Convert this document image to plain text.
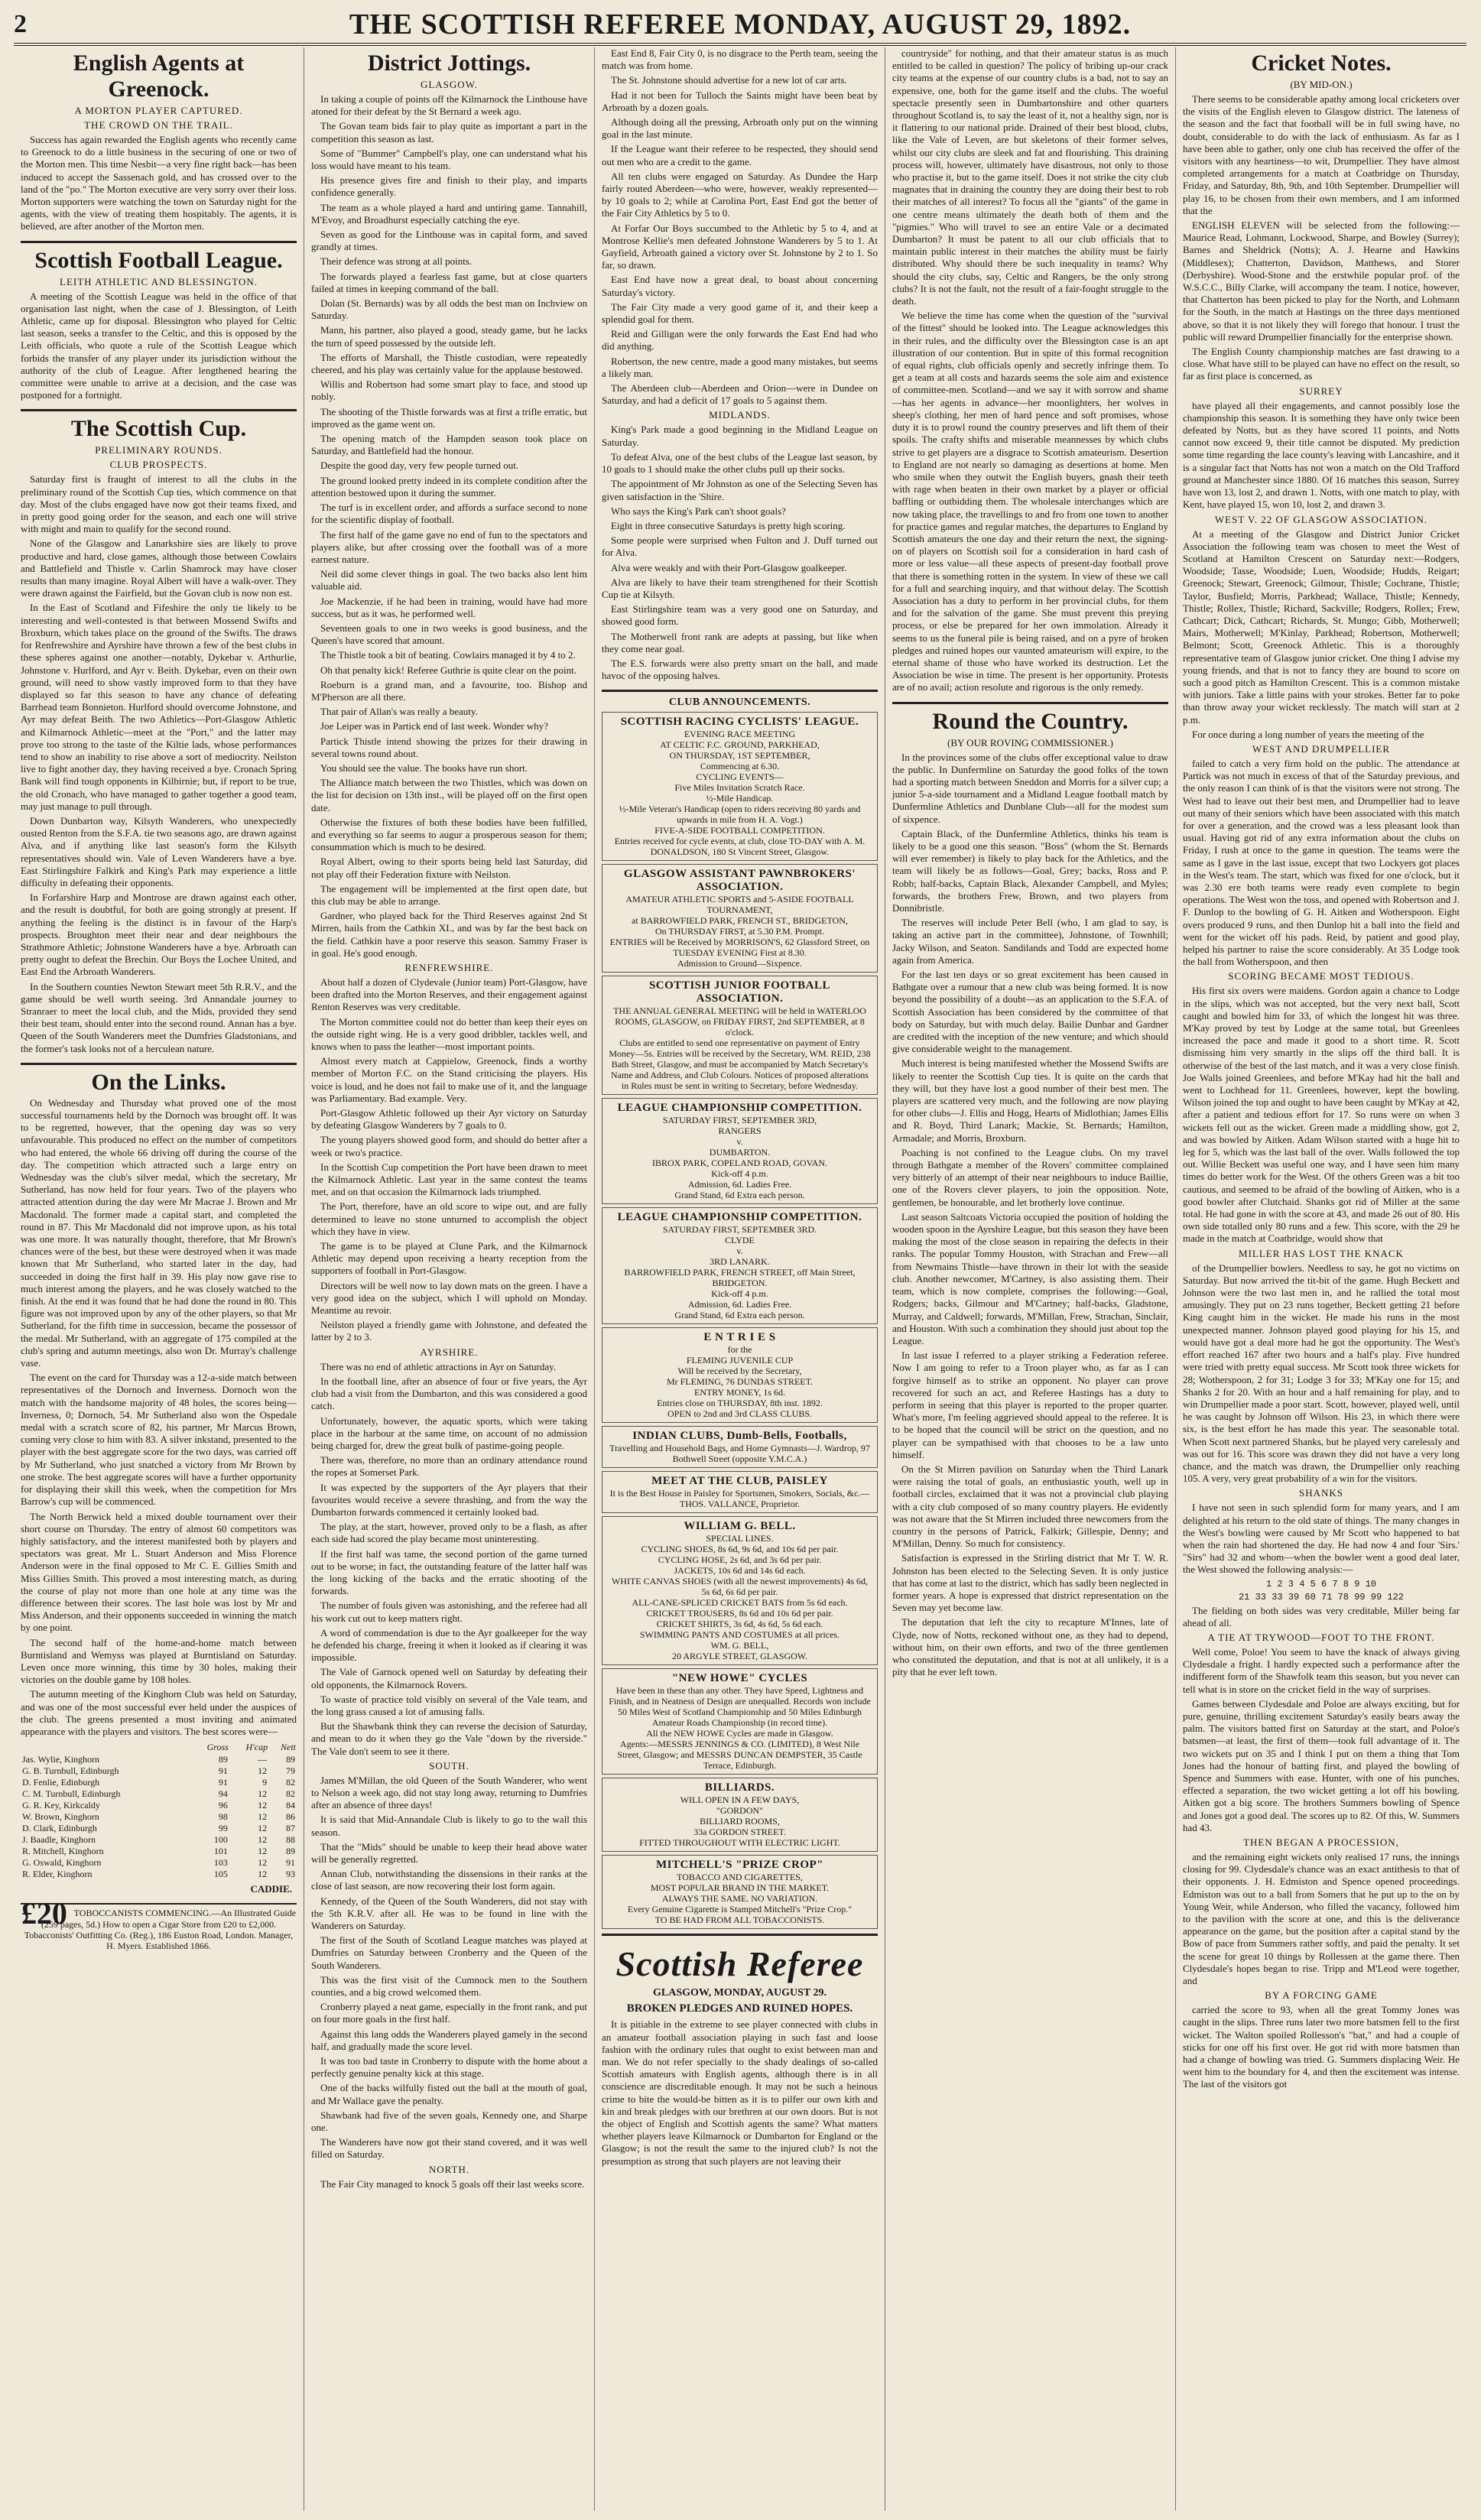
2	THE SCOTTISH REFEREE MONDAY, AUGUST 29, 1892.
English Agents at Greenock.
A MORTON PLAYER CAPTURED.
THE CROWD ON THE TRAIL.

Success has again rewarded the English agents who recently came to Greenock to do a little business in the securing of one or two of the Morton men. This time Nesbit—a very fine right back—has been induced to accept the Sassenach gold, and has crossed over to the land of the "po." The Morton executive are very sorry over their loss. Morton supporters were watching the town on Saturday night for the agents, with the view of treating them hospitably. The agents, it is believed, are after another of the Morton men.

Scottish Football League.
LEITH ATHLETIC AND BLESSINGTON.

A meeting of the Scottish League was held in the office of that organisation last night, when the case of J. Blessington, of Leith Athletic, came up for disposal. Blessington who played for Celtic last season, seeks a transfer to the Celtic, and this is opposed by the Leith officials, who quote a rule of the Scottish League which forbids the transfer of any player under its jurisdiction without the authority of the club of League. After lengthened hearing the committee were unable to arrive at a decision, and the case was postponed for a fortnight.

The Scottish Cup.
PRELIMINARY ROUNDS.
CLUB PROSPECTS.

Saturday first is fraught of interest to all the clubs in the preliminary round of the Scottish Cup ties, which commence on that day. Most of the clubs engaged have now got their teams fixed, and in pretty good going order for the season, and each one will strive with might and main to qualify for the second round.

None of the Glasgow and Lanarkshire sies are likely to prove productive and hard, close games, although those between Cowlairs and Battlefield and Thistle v. Carlin Shamrock may have closer results than many imagine. Royal Albert will have a walk-over. They were drawn against the Fairfield, but the Govan club is now non est.

In the East of Scotland and Fifeshire the only tie likely to be interesting and well-contested is that between Mossend Swifts and Broxburn, which takes place on the ground of the Swifts. The draws for Renfrewshire and Ayrshire have thrown a few of the best clubs in these spheres against one another—notably, Dykebar v. Arthurlie, Johnstone v. Hurlford, and Ayr v. Beith. Dykebar, even on their own ground, will need to show vastly improved form to that they have displayed so far this season to have any chance of defeating Barrhead team Bonnieton. Hurlford should overcome Johnstone, and Ayr may defeat Beith. The two Athletics—Port-Glasgow Athletic and Kilmarnock Athletic—meet at the "Port," and the latter may prove too strong to the taste of the Kiltie lads, whose performances tend to show an inability to rise above a sort of mediocrity. Neilston live to fight another day, they having received a bye. Cronach Spring Bank will find tough opponents in Kilbirnie; but, if report to be true, the old Cronach, who have managed to gather together a good team, may just manage to pull through.

Down Dunbarton way, Kilsyth Wanderers, who unexpectedly ousted Renton from the S.F.A. tie two seasons ago, are drawn against Alva, and if anything like last season's form the Kilsyth representatives should win. Vale of Leven Wanderers have a bye. East Stirlingshire Falkirk and King's Park may experience a little difficulty in defeating their opponents.

In Forfarshire Harp and Montrose are drawn against each other, and the result is doubtful, for both are going strongly at present. If anything the feeling is the distinct is in favour of the Harp's prospects. Broughton meet their near and dear neighbours the Strathmore Athletic; Johnstone Wanderers have a bye. Arbroath can pretty ought to defeat the Brechin. Our Boys the Lochee United, and East End the Arbroath Wanderers.

In the Southern counties Newton Stewart meet 5th R.R.V., and the game should be well worth seeing. 3rd Annandale journey to Stranraer to meet the local club, and the Mids, provided they send their best team, should enter into the second round. Annan has a bye. Queen of the South Wanderers meet the Dumfries Gladstonians, and the former's task looks not of a herculean nature.

On the Links.

On Wednesday and Thursday what proved one of the most successful tournaments held by the Dornoch was brought off. It was to be regretted, however, that the opening day was so very unfavourable. This produced no effect on the number of competitors who had entered, the whole 66 driving off during the course of the day. The competition which attracted such a large entry on Wednesday was the club's silver medal, which the secretary, Mr Sutherland, has now held for four years. Two of the players who attracted attention during the day were Mr Macrae J. Brown and Mr Macdonald. The former made a capital start, and completed the round in 87. This Mr Macdonald did not improve upon, as his total was one more. It was naturally thought, therefore, that Mr Brown's chances were of the best, but these were destroyed when it was made known that Mr Sutherland, who started later in the day, had succeeded in doing the first half in 39. His play now gave rise to much interest among the players, and he was closely watched to the finish. At the end it was found that he had done the round in 80. This figure was not improved upon by any of the other players, so that Mr Sutherland, for the fifth time in succession, became the possessor of the medal. Mr Sutherland, with an aggregate of 175 compiled at the club's spring and autumn meetings, also won Dr. Murray's challenge vase.

The event on the card for Thursday was a 12-a-side match between representatives of the Dornoch and Inverness. Dornoch won the match with the handsome majority of 48 holes, the scores being—Inverness, 0; Dornoch, 54. Mr Sutherland also won the Ospedale medal with a scratch score of 82, his partner, Mr Marcus Brown, coming very close to him with 83. A silver inkstand, presented to the player with the best aggregate score for the two days, was carried off by Mr Sutherland, who just snatched a victory from Mr Brown by one stroke. The best aggregate scores will have a further opportunity for displaying their skill this week, when the competition for Mrs Barrow's cup will be commenced.

The North Berwick held a mixed double tournament over their short course on Thursday. The entry of almost 60 competitors was highly satisfactory, and the interest manifested both by players and spectators was great. Mr L. Stuart Anderson and Miss Florence Anderson were in the final opposed to Mr C. E. Gillies Smith and Miss Gillies Smith. This proved a most interesting match, as during the course of play not more than one hole at any time was the difference between their scores. The last hole was lost by Mr and Miss Anderson, and their opponents succeeded in winning the match by one point.

The second half of the home-and-home match between Burntisland and Wemyss was played at Burntisland on Saturday. Leven once more winning, this time by 30 holes, making their victories on the double game by 108 holes.

The autumn meeting of the Kinghorn Club was held on Saturday, and was one of the most successful ever held under the auspices of the club. The greens presented a most inviting and animated appearance with the players and visitors. The best scores were—

	Gross	H'cap	Nett
Jas. Wylie, Kinghorn	89	—	89
G. B. Turnbull, Edinburgh	91	12	79
D. Fenlie, Edinburgh	91	9	82
C. M. Turnbull, Edinburgh	94	12	82
G. R. Key, Kirkcaldy	96	12	84
W. Brown, Kinghorn	98	12	86
D. Clark, Edinburgh	99	12	87
J. Baadle, Kinghorn	100	12	88
R. Mitchell, Kinghorn	101	12	89
G. Oswald, Kinghorn	103	12	91
R. Elder, Kinghorn	105	12	93
CADDIE.
£20 TOBOCCANISTS COMMENCING.—An Illustrated Guide (259 pages, 5d.) How to open a Cigar Store from £20 to £2,000. Tobacconists' Outfitting Co. (Reg.), 186 Euston Road, London. Manager, H. Myers. Established 1866.
District Jottings.
GLASGOW.

In taking a couple of points off the Kilmarnock the Linthouse have atoned for their defeat by the St Bernard a week ago.

The Govan team bids fair to play quite as important a part in the competition this season as last.

Some of "Bummer" Campbell's play, one can understand what his loss would have meant to his team.

His presence gives fire and finish to their play, and imparts confidence generally.

The team as a whole played a hard and untiring game. Tannahill, M'Evoy, and Broadhurst especially catching the eye.

Seven as good for the Linthouse was in capital form, and saved grandly at times.

Their defence was strong at all points.

The forwards played a fearless fast game, but at close quarters failed at times in keeping command of the ball.

Dolan (St. Bernards) was by all odds the best man on Inchview on Saturday.

Mann, his partner, also played a good, steady game, but he lacks the turn of speed possessed by the outside left.

The efforts of Marshall, the Thistle custodian, were repeatedly cheered, and his play was certainly value for the applause bestowed.

Willis and Robertson had some smart play to face, and stood up nobly.

The shooting of the Thistle forwards was at first a trifle erratic, but improved as the game went on.

The opening match of the Hampden season took place on Saturday, and Battlefield had the honour.

Despite the good day, very few people turned out.

The ground looked pretty indeed in its complete condition after the attention bestowed upon it during the summer.

The turf is in excellent order, and affords a surface second to none for the scientific display of football.

The first half of the game gave no end of fun to the spectators and players alike, but after crossing over the football was of a more earnest nature.

Neil did some clever things in goal. The two backs also lent him valuable aid.

Joe Mackenzie, if he had been in training, would have had more success, but as it was, he performed well.

Seventeen goals to one in two weeks is good business, and the Queen's have scored that amount.

The Thistle took a bit of beating. Cowlairs managed it by 4 to 2.

Oh that penalty kick! Referee Guthrie is quite clear on the point.

Roeburn is a grand man, and a favourite, too. Bishop and M'Pherson are all there.

That pair of Allan's was really a beauty.

Joe Leiper was in Partick end of last week. Wonder why?

Partick Thistle intend showing the prizes for their drawing in several towns round about.

You should see the value. The books have run short.

The Alliance match between the two Thistles, which was down on the list for decision on 13th inst., will be played off on the first open date.

Otherwise the fixtures of both these bodies have been fulfilled, and everything so far seems to augur a prosperous season for them; consummation which is much to be desired.

Royal Albert, owing to their sports being held last Saturday, did not play off their Federation fixture with Neilston.

The engagement will be implemented at the first open date, but this club may be able to arrange.

Gardner, who played back for the Third Reserves against 2nd St Mirren, hails from the Cathkin XI., and was by far the best back on the field. Cathkin have a poor reserve this season. Sammy Fraser is in goal. He's good enough.

RENFREWSHIRE.

About half a dozen of Clydevale (Junior team) Port-Glasgow, have been drafted into the Morton Reserves, and their engagement against Renton Reserves was very creditable.

The Morton committee could not do better than keep their eyes on the outside right wing. He is a very good dribbler, tackles well, and knows when to pass the leather—most important points.

Almost every match at Cappielow, Greenock, finds a worthy member of Morton F.C. on the Stand criticising the players. His voice is loud, and he does not fail to make use of it, and the language was Parliamentary. Bad example. Very.

Port-Glasgow Athletic followed up their Ayr victory on Saturday by defeating Glasgow Wanderers by 7 goals to 0.

The young players showed good form, and should do better after a week or two's practice.

In the Scottish Cup competition the Port have been drawn to meet the Kilmarnock Athletic. Last year in the same contest the teams met, and on that occasion the Kilmarnock lads triumphed.

The Port, therefore, have an old score to wipe out, and are fully determined to leave no stone unturned to accomplish the object which they have in view.

The game is to be played at Clune Park, and the Kilmarnock Athletic may depend upon receiving a hearty reception from the supporters of football in Port-Glasgow.

Directors will be well now to lay down mats on the green. I have a very good idea on the subject, which I will uphold on Monday. Meantime au revoir.

Neilston played a friendly game with Johnstone, and defeated the latter by 2 to 3.

AYRSHIRE.

There was no end of athletic attractions in Ayr on Saturday.

In the football line, after an absence of four or five years, the Ayr club had a visit from the Dumbarton, and this was considered a good catch.

Unfortunately, however, the aquatic sports, which were taking place in the harbour at the same time, on account of no admission being charged for, drew the great bulk of pastime-going people.

There was, therefore, no more than an ordinary attendance round the ropes at Somerset Park.

It was expected by the supporters of the Ayr players that their favourites would receive a severe thrashing, and from the way the Dumbarton forwards commenced it certainly looked bad.

The play, at the start, however, proved only to be a flash, as after each side had scored the play became most uninteresting.

If the first half was tame, the second portion of the game turned out to be worse; in fact, the outstanding feature of the latter half was the long kicking of the backs and the erratic shooting of the forwards.

The number of fouls given was astonishing, and the referee had all his work cut out to keep matters right.

A word of commendation is due to the Ayr goalkeeper for the way he defended his charge, freeing it when it looked as if clearing it was impossible.

The Vale of Garnock opened well on Saturday by defeating their old opponents, the Kilmarnock Rovers.

To waste of practice told visibly on several of the Vale team, and the long grass caused a lot of amusing falls.

But the Shawbank think they can reverse the decision of Saturday, and mean to do it when they go the Vale "down by the riverside." The Vale don't seem to see it there.

SOUTH.

James M'Millan, the old Queen of the South Wanderer, who went to Nelson a week ago, did not stay long away, returning to Dumfries after an absence of three days!

It is said that Mid-Annandale Club is likely to go to the wall this season.

That the "Mids" should be unable to keep their head above water will be generally regretted.

Annan Club, notwithstanding the dissensions in their ranks at the close of last season, are now recovering their lost form again.

Kennedy, of the Queen of the South Wanderers, did not stay with the 5th K.R.V. after all. He was to be found in line with the Wanderers on Saturday.

The first of the South of Scotland League matches was played at Dumfries on Saturday between Cronberry and the Queen of the South Wanderers.

This was the first visit of the Cumnock men to the Southern counties, and a big crowd welcomed them.

Cronberry played a neat game, especially in the front rank, and put on four more goals in the first half.

Against this lang odds the Wanderers played gamely in the second half, and gradually made the score level.

It was too bad taste in Cronberry to dispute with the home about a perfectly genuine penalty kick at this stage.

One of the backs wilfully fisted out the ball at the mouth of goal, and Mr Wallace gave the penalty.

Shawbank had five of the seven goals, Kennedy one, and Sharpe one.

The Wanderers have now got their stand covered, and it was well filled on Saturday.

NORTH.

The Fair City managed to knock 5 goals off their last weeks score.

East End 8, Fair City 0, is no disgrace to the Perth team, seeing the match was from home.

The St. Johnstone should advertise for a new lot of car arts.

Had it not been for Tulloch the Saints might have been beat by Arbroath by a dozen goals.

Although doing all the pressing, Arbroath only put on the winning goal in the last minute.

If the League want their referee to be respected, they should send out men who are a credit to the game.

All ten clubs were engaged on Saturday. As Dundee the Harp fairly routed Aberdeen—who were, however, weakly represented—by 10 goals to 2; while at Carolina Port, East End got the better of the Fair City Athletics by 5 to 0.

At Forfar Our Boys succumbed to the Athletic by 5 to 4, and at Montrose Kellie's men defeated Johnstone Wanderers by 5 to 1. At Gayfield, Arbroath gained a victory over St. Johnstone by 2 to 1. So far, so drawn.

East End have now a great deal, to boast about concerning Saturday's victory.

The Fair City made a very good game of it, and their keep a splendid goal for them.

Reid and Gilligan were the only forwards the East End had who did anything.

Robertson, the new centre, made a good many mistakes, but seems a likely man.

The Aberdeen club—Aberdeen and Orion—were in Dundee on Saturday, and had a deficit of 17 goals to 5 against them.

MIDLANDS.

King's Park made a good beginning in the Midland League on Saturday.

To defeat Alva, one of the best clubs of the League last season, by 10 goals to 1 should make the other clubs pull up their socks.

The appointment of Mr Johnston as one of the Selecting Seven has given satisfaction in the 'Shire.

Who says the King's Park can't shoot goals?

Eight in three consecutive Saturdays is pretty high scoring.

Some people were surprised when Fulton and J. Duff turned out for Alva.

Alva were weakly and with their Port-Glasgow goalkeeper.

Alva are likely to have their team strengthened for their Scottish Cup tie at Kilsyth.

East Stirlingshire team was a very good one on Saturday, and showed good form.

The Motherwell front rank are adepts at passing, but like when they come near goal.

The E.S. forwards were also pretty smart on the ball, and made havoc of the opposing halves.

CLUB ANNOUNCEMENTS.
SCOTTISH RACING CYCLISTS' LEAGUE.
EVENING RACE MEETING
AT CELTIC F.C. GROUND, PARKHEAD,
ON THURSDAY, 1ST SEPTEMBER,
Commencing at 6.30.
CYCLING EVENTS—
Five Miles Invitation Scratch Race.
½-Mile Handicap.
½-Mile Veteran's Handicap (open to riders receiving 80 yards and upwards in mile from H. A. Vogt.)
FIVE-A-SIDE FOOTBALL COMPETITION.
Entries received for cycle events, at club, close TO-DAY with A. M. DONALDSON, 180 St Vincent Street, Glasgow.
GLASGOW ASSISTANT PAWNBROKERS' ASSOCIATION.
AMATEUR ATHLETIC SPORTS and 5-ASIDE FOOTBALL TOURNAMENT,
at BARROWFIELD PARK, FRENCH ST., BRIDGETON,
On THURSDAY FIRST, at 5.30 P.M. Prompt.
ENTRIES will be Received by MORRISON'S, 62 Glassford Street, on TUESDAY EVENING First at 8.30.
Admission to Ground—Sixpence.
SCOTTISH JUNIOR FOOTBALL ASSOCIATION.
THE ANNUAL GENERAL MEETING will be held in WATERLOO ROOMS, GLASGOW, on FRIDAY FIRST, 2nd SEPTEMBER, at 8 o'clock.
Clubs are entitled to send one representative on payment of Entry Money—5s. Entries will be received by the Secretary, WM. REID, 238 Bath Street, Glasgow, and must be accompanied by Match Secretary's Name and Address, and Club Colours. Notices of proposed alterations in Rules must be sent in writing to Secretary, before Wednesday.
LEAGUE CHAMPIONSHIP COMPETITION.
SATURDAY FIRST, SEPTEMBER 3RD,
RANGERS
v.
DUMBARTON.
IBROX PARK, COPELAND ROAD, GOVAN.
Kick-off 4 p.m.
Admission, 6d. Ladies Free.
Grand Stand, 6d Extra each person.
LEAGUE CHAMPIONSHIP COMPETITION.
SATURDAY FIRST, SEPTEMBER 3RD.
CLYDE
v.
3RD LANARK.
BARROWFIELD PARK, FRENCH STREET, off Main Street, BRIDGETON.
Kick-off 4 p.m.
Admission, 6d. Ladies Free.
Grand Stand, 6d Extra each person.
E N T R I E S
for the
FLEMING JUVENILE CUP
Will be received by the Secretary,
Mr FLEMING, 76 DUNDAS STREET.
ENTRY MONEY, 1s 6d.
Entries close on THURSDAY, 8th inst. 1892.
OPEN to 2nd and 3rd CLASS CLUBS.
INDIAN CLUBS, Dumb-Bells, Footballs,
Travelling and Household Bags, and Home Gymnasts—J. Wardrop, 97 Bothwell Street (opposite Y.M.C.A.)
MEET AT THE CLUB, PAISLEY
It is the Best House in Paisley for Sportsmen, Smokers, Socials, &c.—THOS. VALLANCE, Proprietor.
WILLIAM G. BELL.
SPECIAL LINES.
CYCLING SHOES, 8s 6d, 9s 6d, and 10s 6d per pair.
CYCLING HOSE, 2s 6d, and 3s 6d per pair.
JACKETS, 10s 6d and 14s 6d each.
WHITE CANVAS SHOES (with all the newest improvements) 4s 6d, 5s 6d, 6s 6d per pair.
ALL-CANE-SPLICED CRICKET BATS from 5s 6d each.
CRICKET TROUSERS, 8s 6d and 10s 6d per pair.
CRICKET SHIRTS, 3s 6d, 4s 6d, 5s 6d each.
SWIMMING PANTS AND COSTUMES at all prices.
WM. G. BELL,
20 ARGYLE STREET, GLASGOW.
"NEW HOWE" CYCLES
Have been in these than any other. They have Speed, Lightness and Finish, and in Neatness of Design are unequalled. Records won include 50 Miles West of Scotland Championship and 50 Miles Edinburgh Amateur Roads Championship (in record time).
All the NEW HOWE Cycles are made in Glasgow.
Agents:—MESSRS JENNINGS & CO. (LIMITED), 8 West Nile Street, Glasgow; and MESSRS DUNCAN DEMPSTER, 35 Castle Terrace, Edinburgh.
BILLIARDS.
WILL OPEN IN A FEW DAYS,
"GORDON"
BILLIARD ROOMS,
33a GORDON STREET.
FITTED THROUGHOUT WITH ELECTRIC LIGHT.
MITCHELL'S "PRIZE CROP"
TOBACCO AND CIGARETTES,
MOST POPULAR BRAND IN THE MARKET.
ALWAYS THE SAME. NO VARIATION.
Every Genuine Cigarette is Stamped Mitchell's "Prize Crop."
TO BE HAD FROM ALL TOBACCONISTS.
Scottish Referee
GLASGOW, MONDAY, AUGUST 29.
BROKEN PLEDGES AND RUINED HOPES.

It is pitiable in the extreme to see player connected with clubs in an amateur football association playing in such fast and loose fashion with the ordinary rules that ought to exist between man and man. We do not refer specially to the shady dealings of so-called Scottish amateurs with English agents, although there is in all conscience are discreditable enough. It may not be such a heinous crime to bite the would-be bitten as it is to pilfer our own kith and kin and break pledges with our brethren at our own doors. But is not the object of English and Scottish agents the same? What matters whether players leave Kilmarnock or Dumbarton for England or the Glasgow; is not the result the same to the injured club? Is not the presumption as strong that such players are not leaving their

countryside" for nothing, and that their amateur status is as much entitled to be called in question? The policy of bribing up-our crack city teams at the expense of our country clubs is a bad, not to say an expensive, one, both for the game itself and the clubs. The woeful spectacle presently seen in Dumbartonshire and other quarters throughout Scotland is, to say the least of it, not a healthy sign, nor is it flattering to our national pride. Drained of their best blood, clubs, like the Vale of Leven, are but skeletons of their former selves, whilst our city clubs are sleek and fat and flourishing. This draining process will, however, ultimately have disastrous, not only to those who practise it, but to the game itself. Does it not strike the city club magnates that in draining the country they are doing their best to rob their matches of all interest? To focus all the "giants" of the game in one centre means ultimately the death both of them and the "pigmies." Who will travel to see an entire Vale or a decimated Dumbarton? It must be patent to all our club officials that to maintain public interest in their matches the ability must be fairly distributed. Why should there be such inequality in teams? Why should the city clubs, say, Celtic and Rangers, be the only strong clubs? It is not the fault, not the result of a fair-fought struggle to the death.

We believe the time has come when the question of the "survival of the fittest" should be looked into. The League acknowledges this in their rules, and the difficulty over the Blessington case is an apt illustration of our contention. But in spite of this formal recognition of equal rights, club officials openly and secretly infringe them. To get a team at all costs and hazards seems the sole aim and existence of committee-men. Scotland—and we say it with sorrow and shame—has her agents in advance—her moonlighters, her wolves in sheep's clothing, her men of hard pence and soft promises, whose duty it is to prowl round the country preserves and lift them of their spoils. The crafty shifts and miserable meannesses by which clubs strive to get players are a disgrace to Scottish amateurism. Desertion to England are not nearly so damaging as desertions at home. Men who smile when they outwit the English buyers, gnash their teeth with rage when beaten in their own market by a player or official baffling or outbidding them. The wholesale interchanges which are now taking place, the travellings to and fro from one town to another for practice games and regular matches, the departures to England by Scottish amateurs the one day and their return the next, the signing-on of players on Scottish soil for a consideration in hard cash of more or less value—all these aspects of present-day football prove that there is something rotten in the system. In view of these we call for a full and searching inquiry, and that without delay. The Scottish Association has a duty to perform in her provincial clubs, for them and for the salvation of the game. She must prevent this preying process, or else be prepared for her own immolation. Already it seems to us the funeral pile is being raised, and on a pyre of broken pledges and ruined hopes our vaunted amateurism will expire, to the eternal shame of those who have worked its destruction. Let the Association be wise in time. The present is her opportunity. Protests are of no avail; action resolute and rigorous is the only remedy.

Round the Country.
(BY OUR ROVING COMMISSIONER.)

In the provinces some of the clubs offer exceptional value to draw the public. In Dunfermline on Saturday the good folks of the town had a sporting match between Sneddon and Morris for a silver cup; a junior 5-a-side tournament and a Midland League football match by Dunfermline Athletics and Dunblane Club—all for the modest sum of sixpence.

Captain Black, of the Dunfermline Athletics, thinks his team is likely to be a good one this season. "Boss" (whom the St. Bernards will ever remember) is likely to play back for the Athletics, and the team will likely be as follows—Goal, Grey; backs, Ross and P. Robb; half-backs, Captain Black, Alexander Campbell, and Myles; forwards, the brothers Frew, Brown, and two players from Donnibristle.

The reserves will include Peter Bell (who, I am glad to say, is taking an active part in the committee), Johnstone, of Townhill; Jacky Wilson, and Seaton. Sandilands and Todd are expected home again from America.

For the last ten days or so great excitement has been caused in Bathgate over a rumour that a new club was being formed. It is now beyond the possibility of a doubt—as an application to the S.F.A. of Scottish Association has been considered by the committee of that body on Saturday, but with much delay. Bailie Dunbar and Gardner are credited with the inception of the new venture; and which should give considerable weight to the management.

Much interest is being manifested whether the Mossend Swifts are likely to reenter the Scottish Cup ties. It is quite on the cards that they will, but they have lost a good number of their best men. The players are scattered very much, and the following are now playing for other clubs—J. Ellis and Hogg, Hearts of Midlothian; James Ellis and R. Boyd, Third Lanark; Mackie, St. Bernards; Hamilton, Armadale; and Morris, Broxburn.

Poaching is not confined to the League clubs. On my travel through Bathgate a member of the Rovers' committee complained very bitterly of an attempt of their near neighbours to induce Baillie, one of the Rovers clever players, to join the opposition. Note, gentlemen, be honourable, and let brotherly love continue.

Last season Saltcoats Victoria occupied the position of holding the wooden spoon in the Ayrshire League, but this season they have been making the most of the close season in repairing the defects in their ranks. The popular Tommy Houston, with Strachan and Frew—all from Newmains Thistle—have thrown in their lot with the seaside club. Another newcomer, M'Cartney, is also assisting them. Their team, which is now complete, comprises the following:—Goal, Rodgers; backs, Gilmour and M'Cartney; half-backs, Gladstone, Murray, and Caldwell; forwards, M'Millan, Frew, Strachan, Sinclair, and Houston. With such a combination they should just about top the League.

In last issue I referred to a player striking a Federation referee. Now I am going to refer to a Troon player who, as far as I can forgive himself as to strike an opponent. No player can prove recovered for such an act, and Referee Hastings has a duty to perform in seeing that this player is reported to the proper quarter. What's more, I'm feeling aggrieved should appeal to the referee. It is to be hoped that the council will be strict on the question, and no player can be sympathised with that chooses to be a law unto himself.

On the St Mirren pavilion on Saturday when the Third Lanark were raising the total of goals, an enthusiastic youth, well up in football circles, exclaimed that it was not a provincial club playing with a city club composed of so many country players. He evidently was not aware that the St Mirren included three newcomers from the country in the persons of Patrick, Falkirk; Gillespie, Denny; and M'Millan, Denny. So much for consistency.

Satisfaction is expressed in the Stirling district that Mr T. W. R. Johnston has been elected to the Selecting Seven. It is only justice that has come at last to the district, which has sadly been neglected in former years. A hope is expressed that district representation on the Seven may yet become law.

The deputation that left the city to recapture M'Innes, late of Clyde, now of Notts, reckoned without one, as they had to depend, without him, on their own efforts, and two of the three gentlemen who constituted the deputation, and that is not at all unlikely, it is a pity that he ever left town.

Cricket Notes.
(BY MID-ON.)

There seems to be considerable apathy among local cricketers over the visits of the English eleven to Glasgow district. The lateness of the season and the fact that football will be in full swing have, no doubt, considerable to do with the lack of enthusiasm. As far as I have been able to gather, only one club has received the offer of the visitors with any heartiness—to wit, Drumpellier. They have almost completed arrangements for a match at Coatbridge on Thursday, Friday, and Saturday, 8th, 9th, and 10th September. Drumpellier will play 16, to be chosen from their own members, and I am informed that the

ENGLISH ELEVEN will be selected from the following:—Maurice Read, Lohmann, Lockwood, Sharpe, and Bowley (Surrey); Barnes and Sheldrick (Notts); A. J. Hearne and Hawkins (Middlesex); Chatterton, Davidson, Matthews, and Storer (Derbyshire). Wood-Stone and the erstwhile popular prof. of the W.S.C.C., Billy Clarke, will accompany the team. I notice, however, that Chatterton has been picked to play for the North, and Lohmann for the South, in the match at Hastings on the three days mentioned above, so that it is not likely they will forego that honour. I trust the public will reward Drumpellier financially for the enterprise shown.

The English County championship matches are fast drawing to a close. What have still to be played can have no effect on the result, so far as first place is concerned, as

SURREY

have played all their engagements, and cannot possibly lose the championship this season. It is something they have only twice been defeated by Notts, but as they have scored 11 points, and Notts cannot now exceed 9, their title cannot be disputed. My prediction some time regarding the lace county's leaving with Lancashire, and it is a singular fact that Notts has not won a match on the Old Trafford ground at Manchester since 1880. Of 16 matches this season, Surrey have won 13, lost 2, and drawn 1. Notts, with one match to play, with Kent, have played 15, won 10, lost 2, and drawn 3.

WEST V. 22 OF GLASGOW ASSOCIATION.

At a meeting of the Glasgow and District Junior Cricket Association the following team was chosen to meet the West of Scotland at Hamilton Crescent on Saturday next:—Rodgers, Woodside; Tasse, Woodside; Luen, Woodside; Hudds, Reigart; Greenock; Stewart, Greenock; Gilmour, Thistle; Cochrane, Thistle; Taylor, Busfield; Morris, Parkhead; Wallace, Thistle; Kennedy, Thistle; Rollex, Thistle; Richard, Sackville; Rodgers, Rollex; Frew, Cathcart; Dick, Cathcart; Richards, St. Mungo; Gibb, Motherwell; Mairs, Motherwell; M'Kinlay, Parkhead; Robertson, Motherwell; Belmont; Scott, Greenock Athletic. This is a thoroughly representative team of Glasgow junior cricket. One thing I advise my young friends, and that is not to fancy they are bound to score on such a good pitch as Hamilton Crescent. This is a common mistake with juniors. Take a little pains with your strokes. Better far to poke than throw away your wicket recklessly. The match will start at 2 p.m.

For once during a long number of years the meeting of the

WEST AND DRUMPELLIER

failed to catch a very firm hold on the public. The attendance at Partick was not much in excess of that of the Saturday previous, and the only reason I can think of is that the visitors were not strong. The West had to leave out their best men, and Drumpellier had to leave out many of their seniors which have been associated with this match for over a generation, and the crowd was a less pleasant look than usual. Having got rid of any extra information about the clubs on Friday, I rush at once to the game in question. The teams were the same as I gave in the last issue, except that two Lockyers got places in the West's team. The start, which was fixed for one o'clock, but it was 2.30 ere both teams were ready even complete to begin operations. The West won the toss, and opened with Robertson and J. F. Dunlop to the bowling of G. H. Aitken and Wotherspoon. Eight overs produced 9 runs, and then Dunlop hit a ball into the field and went for the wicket off his pads. Reid, by patient and good play, helped his partner to raise the score considerably. At 35 Lodge took the ball from Wotherspoon, and then

SCORING BECAME MOST TEDIOUS.

His first six overs were maidens. Gordon again a chance to Lodge in the slips, which was not accepted, but the very next ball, Scott caught and bowled him for 33, of which the longest hit was three. M'Kay proved by test by Lodge at the same total, but Greenlees increased the pace and made it good to a short time. R. Scott dismissing him very smartly in the slips off the third ball. It is otherwise of the best of the last match, and it was a very close finish. Joe Walls joined Greenlees, and before M'Kay had hit the ball and went to Lochhead for 11. Greenlees, however, kept the bowling. Wilson joined the top and ought to have been caught by M'Kay at 42, after a patient and tedious effort for 17. So runs were on when 3 wickets fell out as the wicket. Green made a middling show, got 2, and was bowled by Aitken. Adam Wilson started with a huge hit to leg for 5, which was the last ball of the over. Walls followed the top out. Willie Beckett was useful one way, and I have seen him many times do better work for the West. Of the others Green was a bit too cautious, and seemed to be afraid of the bowling of Aitken, who is a good bowler after Clutchaid. Shanks got rid of Miller at the same total. He had gone in with the score at 43, and made 26 out of 80. His own side totalled only 80 runs and a few. This score, with the 29 he made in the match at Coatbridge, would show that

MILLER HAS LOST THE KNACK

of the Drumpellier bowlers. Needless to say, he got no victims on Saturday. But now arrived the tit-bit of the game. Hugh Beckett and Johnson were the two last men in, and he rallied the total most amusingly. They put on 23 runs together, Beckett getting 21 before King caught him in the wicket. He made his runs in the most unexpected manner. Johnson played good playing for his 15, and would have got a deal more had he got the opportunity. The West's effort reached 167 after two hours and a half's play. Five hundred were tried with pretty equal success. Mr Scott took three wickets for 28; Wotherspoon, 2 for 31; Lodge 3 for 33; M'Kay one for 15; and Shanks 2 for 20. With an hour and a half remaining for play, and to win Drumpellier made a poor start. Scott, however, played well, until he was caught by Johnson off Wilson. His 23, in which there were six, is the best effort he has made this year. The seasonable total. When Scott next partnered Shanks, but he played very carelessly and was out for 16. This score was drawn they did not have a very long chance, and the match was drawn, the Drumpellier only reaching 105. A very, very great probability of a win for the visitors.

SHANKS

I have not seen in such splendid form for many years, and I am delighted at his return to the old state of things. The many changes in the West's bowling were caused by Mr Scott who happened to bat when the rain had shortened the day. He had now 4 and four 'Sirs.' "Sirs" had 32 and whom—when the bowler went a good deal later, the West showed the following analysis:—

1 2 3 4 5 6 7 8 9 10
21 33 33 39 60 71 78 99 99 122

The fielding on both sides was very creditable, Miller being far ahead of all.

A TIE AT TRYWOOD—FOOT TO THE FRONT.

Well come, Poloe! You seem to have the knack of always giving Clydesdale a fright. I hardly expected such a performance after the indifferent form of the Shawfolk team this season, but you never can tell what is in store on the cricket field in the way of surprises.

Games between Clydesdale and Poloe are always exciting, but for pure, genuine, thrilling excitement Saturday's easily bears away the palm. The visitors batted first on Saturday at the start, and Poloe's batsmen—at least, the first of them—took full advantage of it. The two wickets put on 35 and I think I put on them a thing that Tom Jones had the honour of batting first, and played the bowling of Spence and Summers with ease. Hunter, with one of his punches, effected a separation, the two wicket getting a lot off his bowling. Aitken got a big score. The brothers Summers bowling of Spence and Jones got a good deal. The scores up to 82. Of this, W. Summers had 43.

THEN BEGAN A PROCESSION,

and the remaining eight wickets only realised 17 runs, the innings closing for 99. Clydesdale's chance was an exact antithesis to that of their opponents. J. H. Edmiston and Spence opened proceedings. Edmiston was out to a ball from Somers that he put up to the on by Young Weir, while Anderson, who filled the vacancy, followed him to the pavilion with the score at one, and this is the deliverance appearance on the game, but the position after a capital stand by the Bow of pace from Summers rather softly, and paid the penalty. It set the scene for great 10 things by Rollessen at the game there. Then Clydesdale's hopes began to rise. Tripp and M'Leod were together, and

BY A FORCING GAME

carried the score to 93, when all the great Tommy Jones was caught in the slips. Three runs later two more batsmen fell to the first wicket. The Walton spoiled Rollesson's "bat," and had a couple of sticks for one off his first over. He got rid with more batsmen than had a change of bowling was tried. G. Summers displacing Weir. He went him to the boundary for 4, and then the excitement was intense. The last of the visitors got
